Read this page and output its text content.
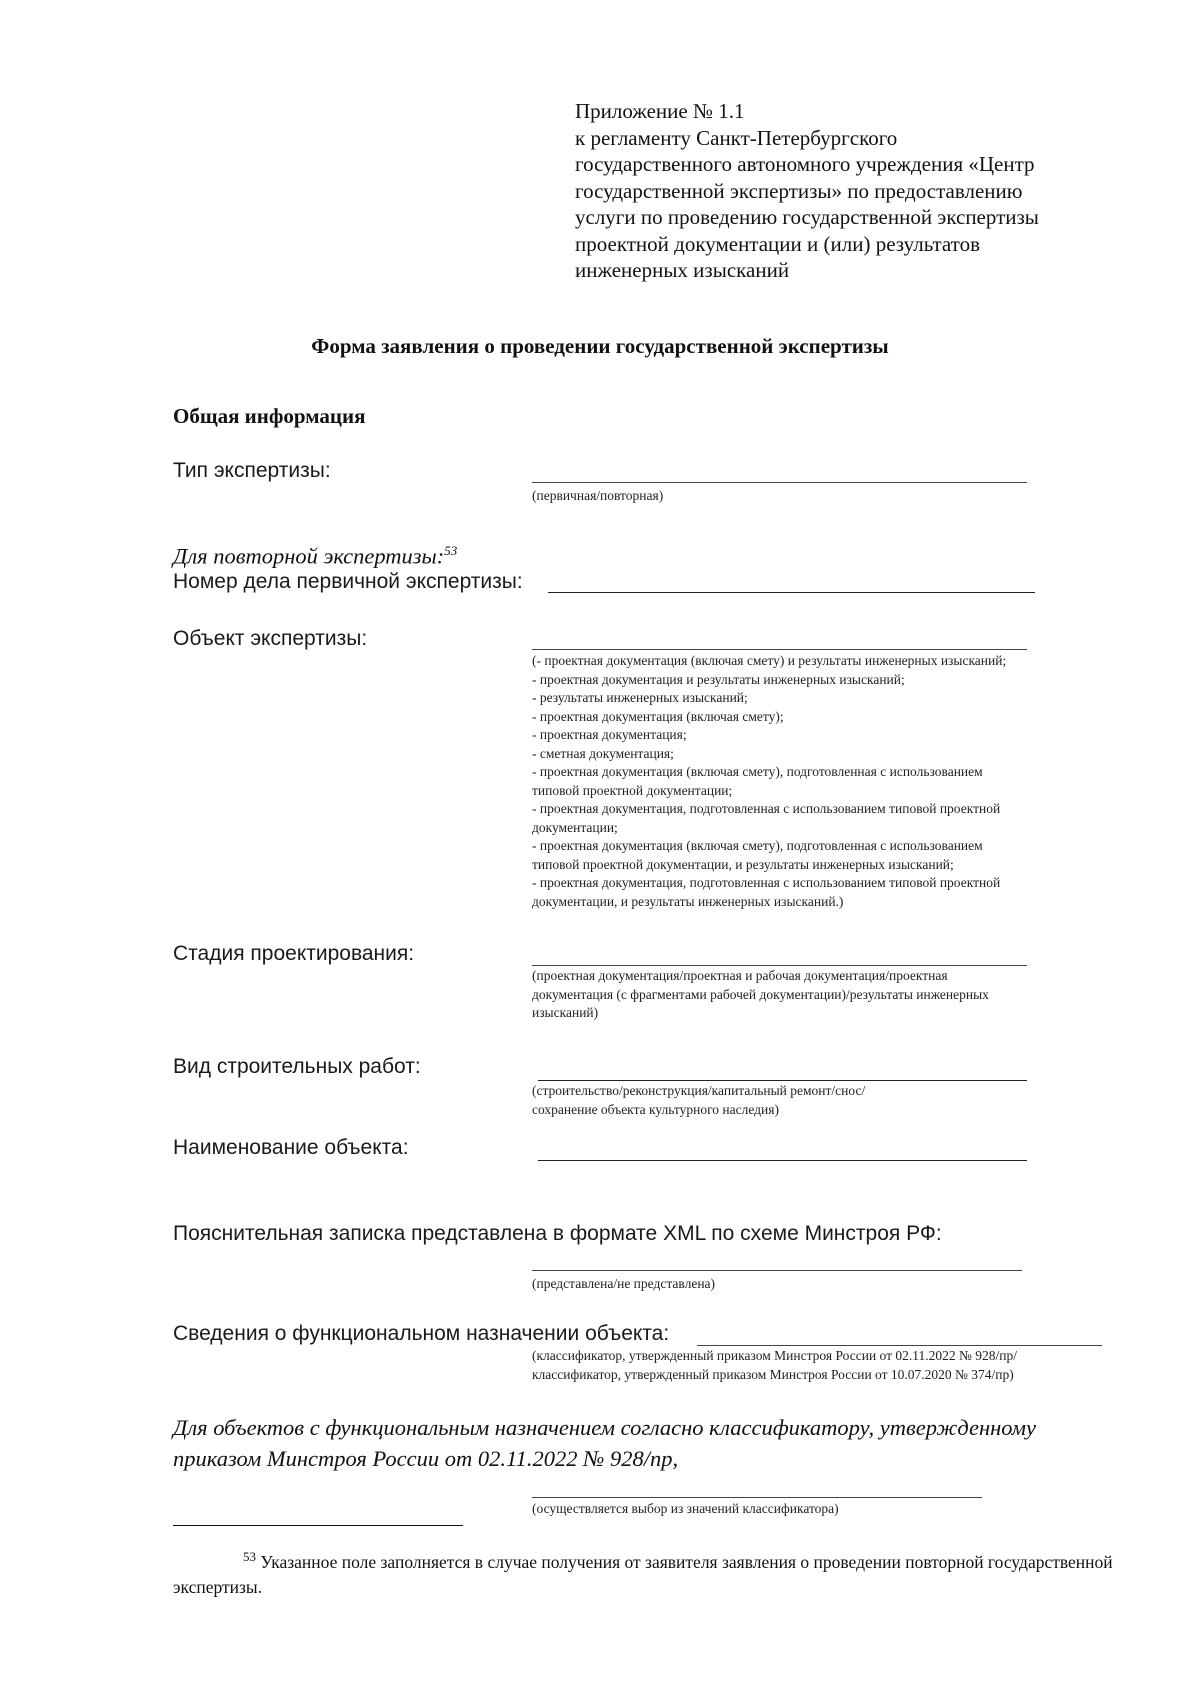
Приложение № 1.1
к регламенту Санкт-Петербургского
государственного автономного учреждения «Центр
государственной экспертизы» по предоставлению
услуги по проведению государственной экспертизы
проектной документации и (или) результатов
инженерных изысканий
Форма заявления о проведении государственной экспертизы
Общая информация
Тип экспертизы:
(первичная/повторная)
Для повторной экспертизы:$^{53}$
Номер дела первичной экспертизы:
Объект экспертизы:
(- проектная документация (включая смету) и результаты инженерных изысканий;
- проектная документация и результаты инженерных изысканий;
- результаты инженерных изысканий;
- проектная документация (включая смету);
- проектная документация;
- сметная документация;
- проектная документация (включая смету), подготовленная с использованием
типовой проектной документации;
- проектная документация, подготовленная с использованием типовой проектной
документации;
- проектная документация (включая смету), подготовленная с использованием
типовой проектной документации, и результаты инженерных изысканий;
- проектная документация, подготовленная с использованием типовой проектной
документации, и результаты инженерных изысканий.)
Стадия проектирования:
(проектная документация/проектная и рабочая документация/проектная
документация (с фрагментами рабочей документации)/результаты инженерных
изысканий)
Вид строительных работ:
(строительство/реконструкция/капитальный ремонт/снос/
сохранение объекта культурного наследия)
Наименование объекта:
Пояснительная записка представлена в формате XML по схеме Минстроя РФ:
(представлена/не представлена)
Сведения о функциональном назначении объекта:
(классификатор, утвержденный приказом Минстроя России от 02.11.2022 № 928/пр/
классификатор, утвержденный приказом Минстроя России от 10.07.2020 № 374/пр)
Для объектов с функциональным назначением согласно классификатору, утвержденному
приказом Минстроя России от 02.11.2022 № 928/пр,
(осуществляется выбор из значений классификатора)
$^{53}$ Указанное поле заполняется в случае получения от заявителя заявления о проведении повторной государственной экспертизы.
